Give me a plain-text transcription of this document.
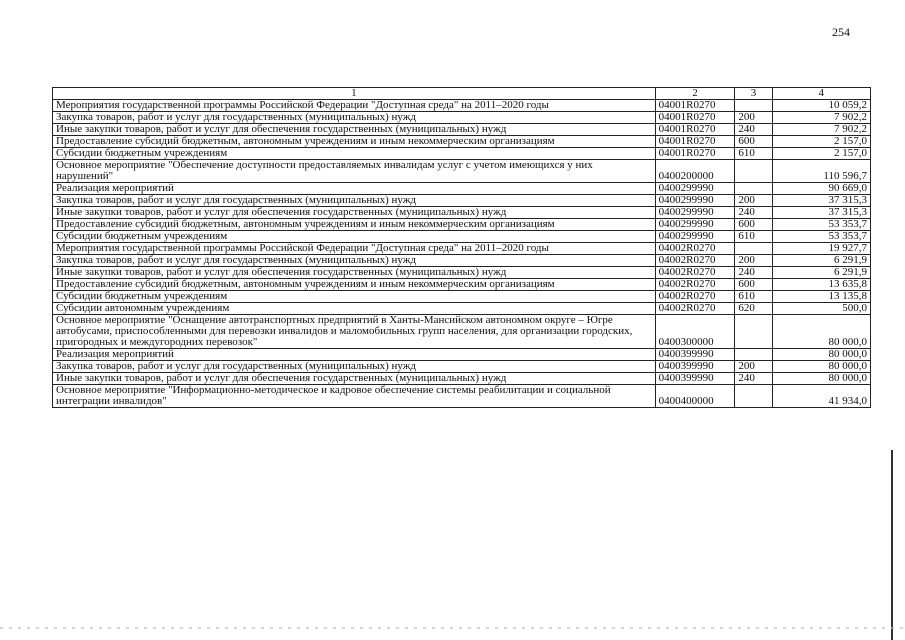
254
1	2	3	4
Мероприятия государственной программы Российской Федерации "Доступная среда" на 2011–2020 годы	04001R0270		10 059,2
Закупка товаров, работ и услуг для государственных (муниципальных) нужд	04001R0270	200	7 902,2
Иные закупки товаров, работ и услуг для обеспечения государственных (муниципальных) нужд	04001R0270	240	7 902,2
Предоставление субсидий бюджетным, автономным учреждениям и иным некоммерческим организациям	04001R0270	600	2 157,0
Субсидии бюджетным учреждениям	04001R0270	610	2 157,0
Основное мероприятие "Обеспечение доступности предоставляемых инвалидам услуг с учетом имеющихся у них нарушений"	0400200000		110 596,7
Реализация мероприятий	0400299990		90 669,0
Закупка товаров, работ и услуг для государственных (муниципальных) нужд	0400299990	200	37 315,3
Иные закупки товаров, работ и услуг для обеспечения государственных (муниципальных) нужд	0400299990	240	37 315,3
Предоставление субсидий бюджетным, автономным учреждениям и иным некоммерческим организациям	0400299990	600	53 353,7
Субсидии бюджетным учреждениям	0400299990	610	53 353,7
Мероприятия государственной программы Российской Федерации "Доступная среда" на 2011–2020 годы	04002R0270		19 927,7
Закупка товаров, работ и услуг для государственных (муниципальных) нужд	04002R0270	200	6 291,9
Иные закупки товаров, работ и услуг для обеспечения государственных (муниципальных) нужд	04002R0270	240	6 291,9
Предоставление субсидий бюджетным, автономным учреждениям и иным некоммерческим организациям	04002R0270	600	13 635,8
Субсидии бюджетным учреждениям	04002R0270	610	13 135,8
Субсидии автономным учреждениям	04002R0270	620	500,0
Основное мероприятие "Оснащение автотранспортных предприятий в Ханты-Мансийском автономном округе – Югре автобусами, приспособленными для перевозки инвалидов и маломобильных групп населения, для организации городских, пригородных и междугородних перевозок"	0400300000		80 000,0
Реализация мероприятий	0400399990		80 000,0
Закупка товаров, работ и услуг для государственных (муниципальных) нужд	0400399990	200	80 000,0
Иные закупки товаров, работ и услуг для обеспечения государственных (муниципальных) нужд	0400399990	240	80 000,0
Основное мероприятие "Информационно-методическое и кадровое обеспечение системы реабилитации и социальной интеграции инвалидов"	0400400000		41 934,0
